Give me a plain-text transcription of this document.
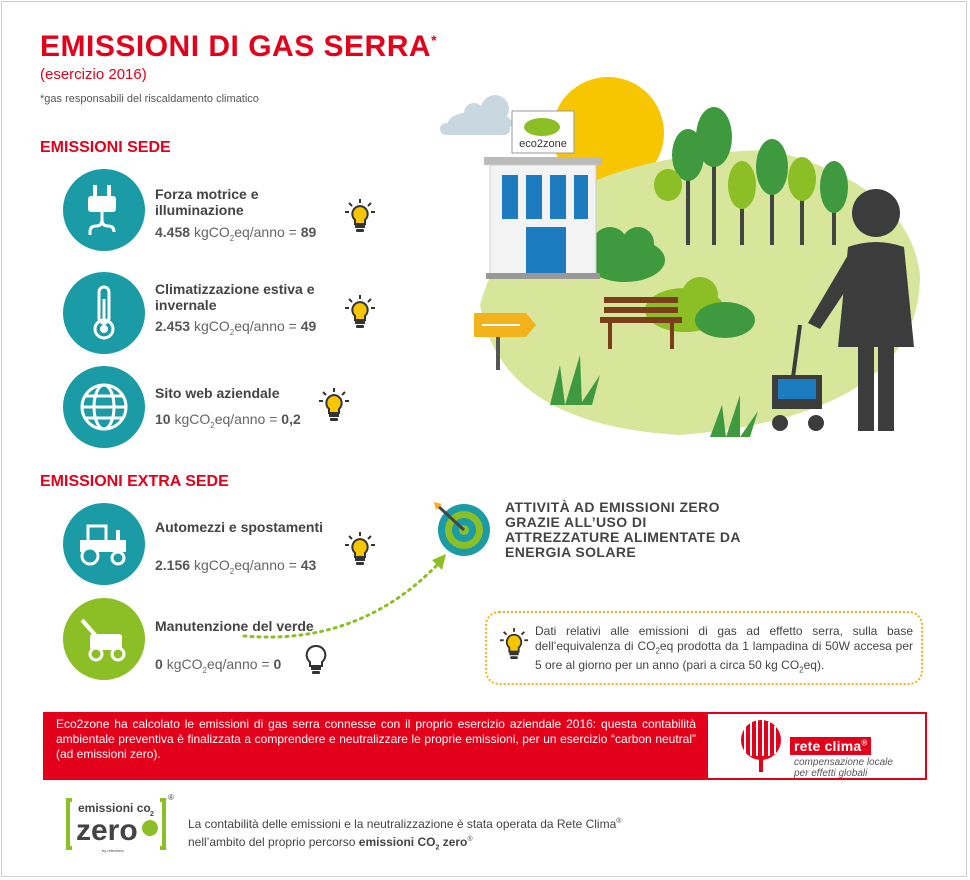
EMISSIONI DI GAS SERRA*
(esercizio 2016)
*gas responsabili del riscaldamento climatico
EMISSIONI SEDE
Forza motrice e illuminazione
4.458 kgCO$_2$eq/anno = 89
Climatizzazione estiva e invernale
2.453 kgCO$_2$eq/anno = 49
Sito web aziendale
10 kgCO$_2$eq/anno = 0,2
EMISSIONI EXTRA SEDE
Automezzi e spostamenti
2.156 kgCO$_2$eq/anno = 43
Manutenzione del verde
0 kgCO$_2$eq/anno = 0
ATTIVITÀ AD EMISSIONI ZERO GRAZIE ALL’USO DI ATTREZZATURE ALIMENTATE DA ENERGIA SOLARE
Dati relativi alle emissioni di gas ad effetto serra, sulla base dell’equivalenza di $CO_2eq$ prodotta da 1 lampadina di 50W accesa per 5 ore al giorno per un anno (pari a circa 50 kg $CO_2eq$).
eco2zone
Eco2zone ha calcolato le emissioni di gas serra connesse con il proprio esercizio aziendale 2016: questa contabilità ambientale preventiva è finalizzata a comprendere e neutralizzare le proprie emissioni, per un esercizio “carbon neutral” (ad emissioni zero).	rete clima®
compensazione locale
per effetti globali
emissioni co 2
zero
®
by retecilma
La contabilità delle emissioni e la neutralizzazione è stata operata da Rete Clima®
nell’ambito del proprio percorso emissioni $CO_2$ zero®
